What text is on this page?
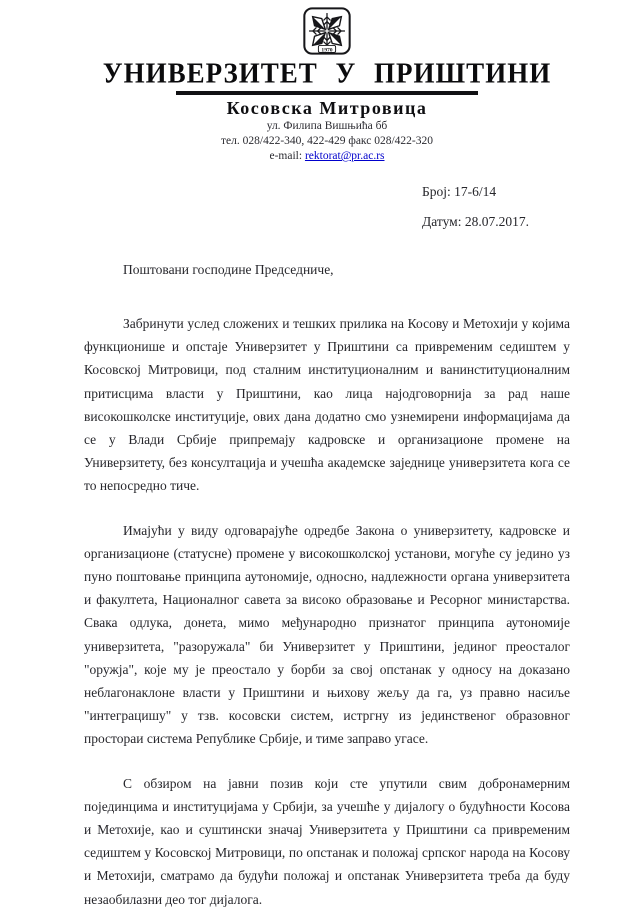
1970
УНИВЕРЗИТЕТ У ПРИШТИНИ
Косовска Митровица
ул. Филипа Вишњића бб
тел. 028/422-340, 422-429 факс 028/422-320
e-mail: rektorat@pr.ac.rs
Број: 17-6/14
Датум: 28.07.2017.

Поштовани господине Председниче,

Забринути услед сложених и тешких прилика на Косову и Метохији у којима функционише и опстаје Универзитет у Приштини са привременим седиштем у Косовској Митровици, под сталним институционалним и ванинституционалним притисцима власти у Приштини, као лица најодговорнија за рад наше високошколске институције, ових дана додатно смо узнемирени информацијама да се у Влади Србије припремају кадровске и организационе промене на Универзитету, без консултација и учешћа академске заједнице универзитета кога се то непосредно тиче.

Имајући у виду одговарајуће одредбе Закона о универзитету, кадровске и организационе (статусне) промене у високошколској установи, могуће су једино уз пуно поштовање принципа аутономије, односно, надлежности органа универзитета и факултета, Националног савета за високо образовање и Ресорног министарства. Свака одлука, донета, мимо међународно признатог принципа аутономије универзитета, "разоружала" би Универзитет у Приштини, јединог преосталог "оружја", које му је преостало у борби за свој опстанак у односу на доказано неблагонаклоне власти у Приштини и њихову жељу да га, уз правно насиље "интеграцишу" у тзв. косовски систем, истргну из јединственог образовног простораи система Републике Србије, и тиме заправо угасе.

С обзиром на јавни позив који сте упутили свим добронамерним појединцима и институцијама у Србији, за учешће у дијалогу о будућности Косова и Метохије, као и суштински значај Универзитета у Приштини са привременим седиштем у Косовској Митровици, по опстанак и положај српског народа на Косову и Метохији, сматрамо да будући положај и опстанак Универзитета треба да буду незаобилазни део тог дијалога.
